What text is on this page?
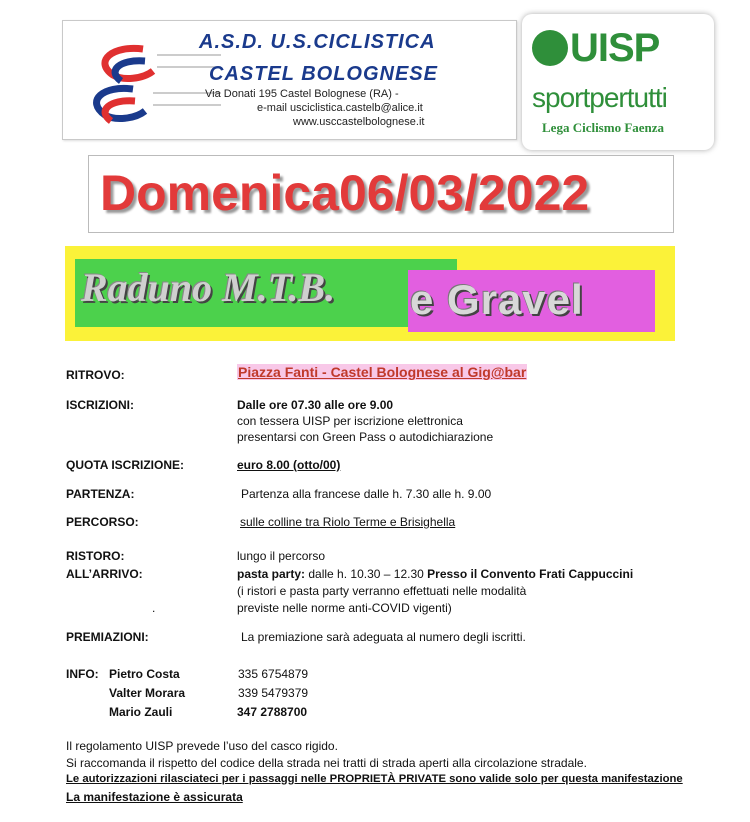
A.S.D. U.S.CICLISTICA
CASTEL BOLOGNESE
Via Donati 195 Castel Bolognese (RA) -
e-mail usciclistica.castelb@alice.it
www.usccastelbolognese.it
UISP
sportpertutti
Lega Ciclismo Faenza
Domenica06/03/2022
Raduno M.T.B. e Gravel
RITROVO:	Piazza Fanti - Castel Bolognese al Gig@bar
ISCRIZIONI:	Dalle ore 07.30 alle ore 9.00
con tessera UISP per iscrizione elettronica
presentarsi con Green Pass o autodichiarazione
QUOTA ISCRIZIONE:	euro 8.00 (otto/00)
PARTENZA:	Partenza alla francese dalle h. 7.30 alle h. 9.00
PERCORSO:	sulle colline tra Riolo Terme e Brisighella
RISTORO:	lungo il percorso
ALL’ARRIVO:	pasta party: dalle h. 10.30 – 12.30 Presso il Convento Frati Cappuccini
(i ristori e pasta party verranno effettuati nelle modalità
.	previste nelle norme anti-COVID vigenti)
PREMIAZIONI:	La premiazione sarà adeguata al numero degli iscritti.
INFO: Pietro Costa	335 6754879
Valter Morara	339 5479379
Mario Zauli	347 2788700
Il regolamento UISP prevede l’uso del casco rigido.
Si raccomanda il rispetto del codice della strada nei tratti di strada aperti alla circolazione stradale.
Le autorizzazioni rilasciateci per i passaggi nelle PROPRIETÀ PRIVATE sono valide solo per questa manifestazione
La manifestazione è assicurata
